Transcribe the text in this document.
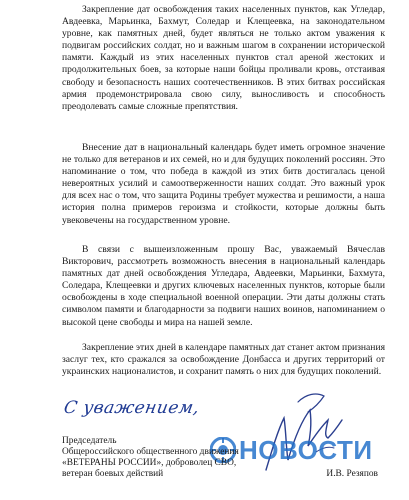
Закрепление дат освобождения таких населенных пунктов, как Угледар, Авдеевка, Марьинка, Бахмут, Соледар и Клещеевка, на законодательном уровне, как памятных дней, будет являться не только актом уважения к подвигам российских солдат, но и важным шагом в сохранении исторической памяти. Каждый из этих населенных пунктов стал ареной жестоких и продолжительных боев, за которые наши бойцы проливали кровь, отстаивая свободу и безопасность наших соотечественников. В этих битвах российская армия продемонстрировала свою силу, выносливость и способность преодолевать самые сложные препятствия.

Внесение дат в национальный календарь будет иметь огромное значение не только для ветеранов и их семей, но и для будущих поколений россиян. Это напоминание о том, что победа в каждой из этих битв достигалась ценой невероятных усилий и самоотверженности наших солдат. Это важный урок для всех нас о том, что защита Родины требует мужества и решимости, а наша история полна примеров героизма и стойкости, которые должны быть увековечены на государственном уровне.

В связи с вышеизложенным прошу Вас, уважаемый Вячеслав Викторович, рассмотреть возможность внесения в национальный календарь памятных дат дней освобождения Угледара, Авдеевки, Марьинки, Бахмута, Соледара, Клещеевки и других ключевых населенных пунктов, которые были освобождены в ходе специальной военной операции. Эти даты должны стать символом памяти и благодарности за подвиги наших воинов, напоминанием о высокой цене свободы и мира на нашей земле.

Закрепление этих дней в календаре памятных дат станет актом признания заслуг тех, кто сражался за освобождение Донбасса и других территорий от украинских националистов, и сохранит память о них для будущих поколений.

С уважением,
НОВОСТИ
Председатель
Общероссийского общественного движения
«ВЕТЕРАНЫ РОССИИ», доброволец СВО,
ветеран боевых действий	И.В. Резяпов
